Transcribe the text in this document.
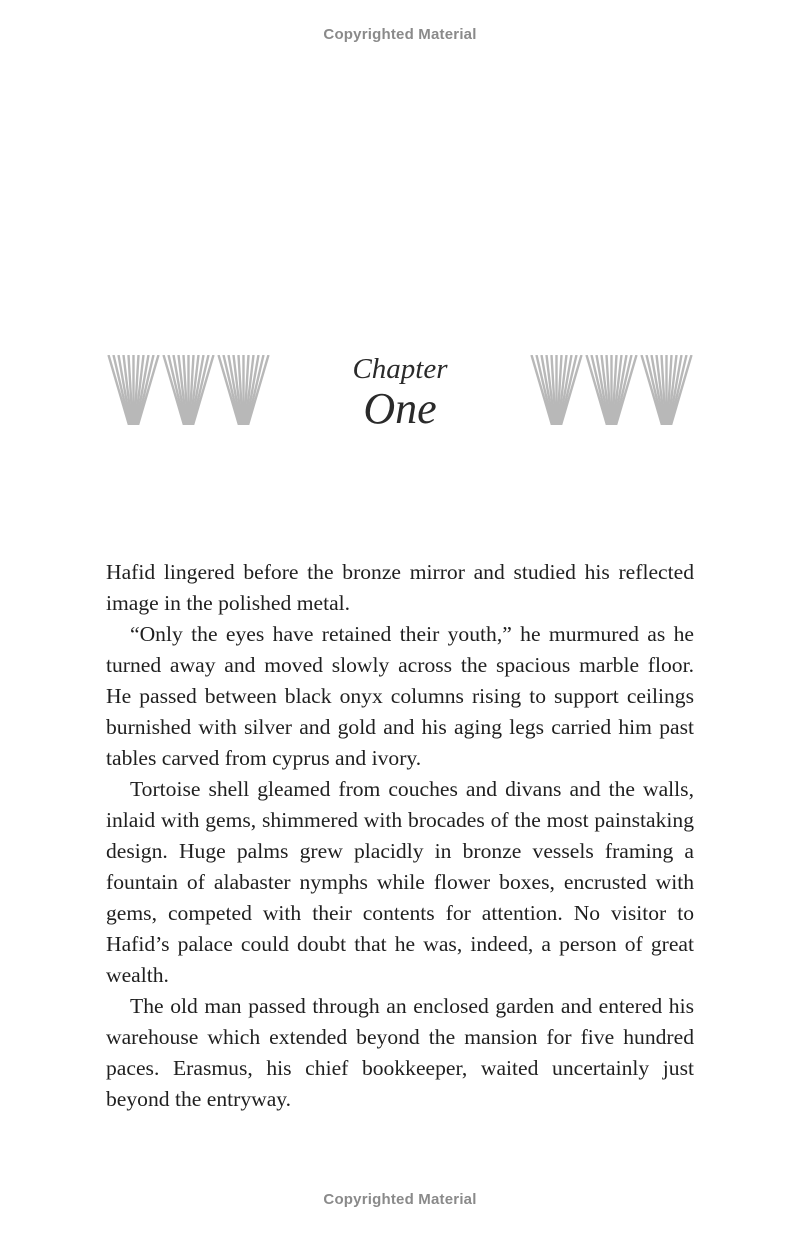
Copyrighted Material
Chapter
One

Hafid lingered before the bronze mirror and studied his reflected image in the polished metal.

“Only the eyes have retained their youth,” he murmured as he turned away and moved slowly across the spacious marble floor. He passed between black onyx columns rising to support ceilings burnished with silver and gold and his aging legs carried him past tables carved from cyprus and ivory.

Tortoise shell gleamed from couches and divans and the walls, inlaid with gems, shimmered with brocades of the most painstaking design. Huge palms grew placidly in bronze vessels framing a fountain of alabaster nymphs while flower boxes, encrusted with gems, competed with their contents for attention. No visitor to Hafid’s palace could doubt that he was, indeed, a person of great wealth.

The old man passed through an enclosed garden and entered his warehouse which extended beyond the mansion for five hundred paces. Erasmus, his chief bookkeeper, waited uncertainly just beyond the entryway.

Copyrighted Material
